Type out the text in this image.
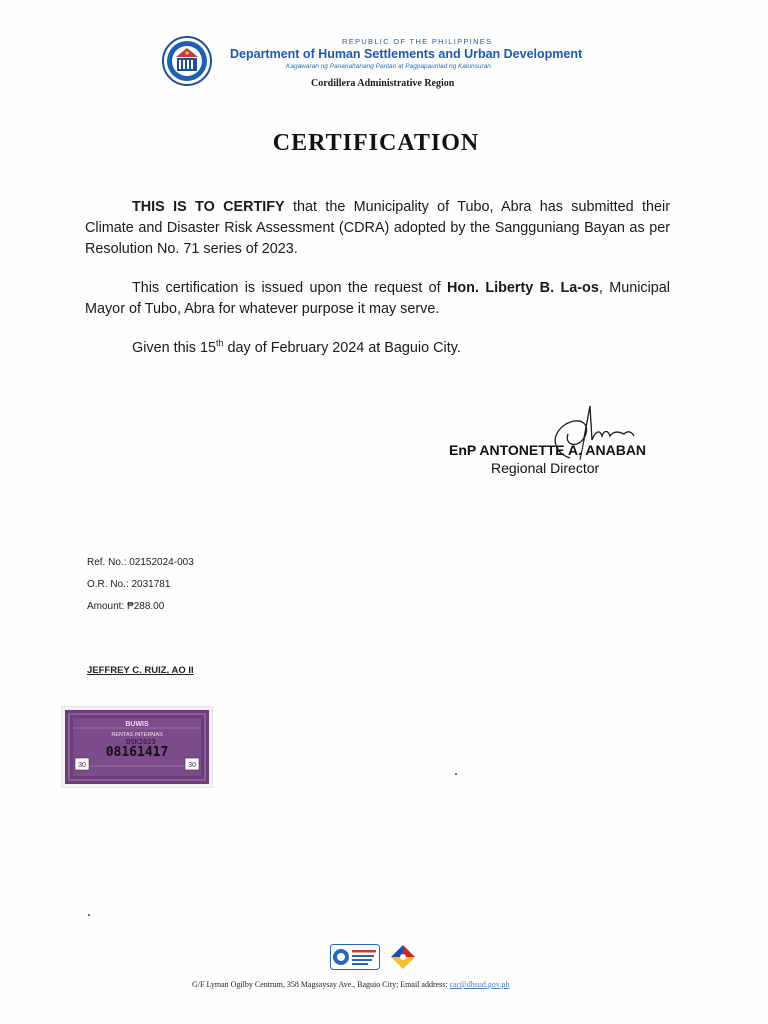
REPUBLIC OF THE PHILIPPINES
Department of Human Settlements and Urban Development
Kagawaran ng Pananahanang Pantao at Pagpapaunlad ng Kalunsuran
Cordillera Administrative Region
CERTIFICATION

THIS IS TO CERTIFY that the Municipality of Tubo, Abra has submitted their Climate and Disaster Risk Assessment (CDRA) adopted by the Sangguniang Bayan as per Resolution No. 71 series of 2023.

This certification is issued upon the request of Hon. Liberty B. La-os, Municipal Mayor of Tubo, Abra for whatever purpose it may serve.

Given this 15th day of February 2024 at Baguio City.

EnP ANTONETTE A. ANABAN
Regional Director
Ref. No.: 02152024-003
O.R. No.: 2031781
Amount: ₱288.00
JEFFREY C. RUIZ, AO II
BUWIS
RENTAS INTERNAS
DSK2023
08161417
30	30
G/F Lyman Ogilby Centrum, 358 Magsaysay Ave., Baguio City; Email address: car@dhsud.gov.ph
